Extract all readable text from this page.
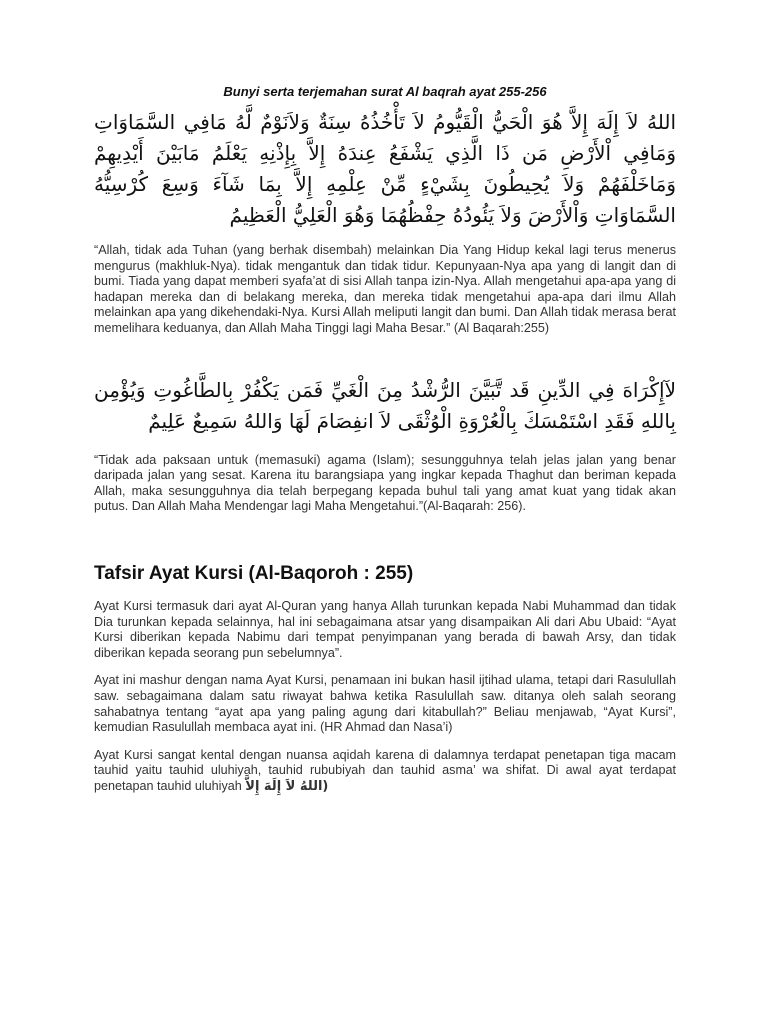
Bunyi serta terjemahan surat Al baqrah ayat 255-256

اللهُ لاَ إِلَهَ إِلاَّ هُوَ الْحَيُّ الْقَيُّومُ لاَ تَأْخُذُهُ سِنَةٌ وَلاَنَوْمٌ لَّهُ مَافِي السَّمَاوَاتِ وَمَافِي اْلأَرْضِ مَن ذَا الَّذِي يَشْفَعُ عِندَهُ إِلاَّ بِإِذْنِهِ يَعْلَمُ مَابَيْنَ أَيْدِيهِمْ وَمَاخَلْفَهُمْ وَلاَ يُحِيطُونَ بِشَيْءٍ مِّنْ عِلْمِهِ إِلاَّ بِمَا شَآءَ وَسِعَ كُرْسِيُّهُ السَّمَاوَاتِ وَاْلأَرْضَ وَلاَ يَئُودُهُ حِفْظُهُمَا وَهُوَ الْعَلِيُّ الْعَظِيمُ

“Allah, tidak ada Tuhan (yang berhak disembah) melainkan Dia Yang Hidup kekal lagi terus menerus mengurus (makhluk-Nya). tidak mengantuk dan tidak tidur. Kepunyaan-Nya apa yang di langit dan di bumi. Tiada yang dapat memberi syafa’at di sisi Allah tanpa izin-Nya. Allah mengetahui apa-apa yang di hadapan mereka dan di belakang mereka, dan mereka tidak mengetahui apa-apa dari ilmu Allah melainkan apa yang dikehendaki-Nya. Kursi Allah meliputi langit dan bumi. Dan Allah tidak merasa berat memelihara keduanya, dan Allah Maha Tinggi lagi Maha Besar.” (Al Baqarah:255)

لآإِكْرَاهَ فِي الدِّينِ قَد تَّبَيَّنَ الرُّشْدُ مِنَ الْغَيِّ فَمَن يَكْفُرْ بِالطَّاغُوتِ وَيُؤْمِن بِاللهِ فَقَدِ اسْتَمْسَكَ بِالْعُرْوَةِ الْوُثْقَى لاَ انفِصَامَ لَهَا وَاللهُ سَمِيعٌ عَلِيمٌ

“Tidak ada paksaan untuk (memasuki) agama (Islam); sesungguhnya telah jelas jalan yang benar daripada jalan yang sesat. Karena itu barangsiapa yang ingkar kepada Thaghut dan beriman kepada Allah, maka sesungguhnya dia telah berpegang kepada buhul tali yang amat kuat yang tidak akan putus. Dan Allah Maha Mendengar lagi Maha Mengetahui.”(Al-Baqarah: 256).

Tafsir Ayat Kursi (Al-Baqoroh : 255)

Ayat Kursi termasuk dari ayat Al-Quran yang hanya Allah turunkan kepada Nabi Muhammad dan tidak Dia turunkan kepada selainnya, hal ini sebagaimana atsar yang disampaikan Ali dari Abu Ubaid: “Ayat Kursi diberikan kepada Nabimu dari tempat penyimpanan yang berada di bawah Arsy, dan tidak diberikan kepada seorang pun sebelumnya”.

Ayat ini mashur dengan nama Ayat Kursi, penamaan ini bukan hasil ijtihad ulama, tetapi dari Rasulullah saw. sebagaimana dalam satu riwayat bahwa ketika Rasulullah saw. ditanya oleh salah seorang sahabatnya tentang “ayat apa yang paling agung dari kitabullah?” Beliau menjawab, “Ayat Kursi”, kemudian Rasulullah membaca ayat ini. (HR Ahmad dan Nasa’i)

Ayat Kursi sangat kental dengan nuansa aqidah karena di dalamnya terdapat penetapan tiga macam tauhid yaitu tauhid uluhiyah, tauhid rububiyah dan tauhid asma’ wa shifat. Di awal ayat terdapat penetapan tauhid uluhiyah (اللهُ لاَ إِلَهَ إِلاَّ
